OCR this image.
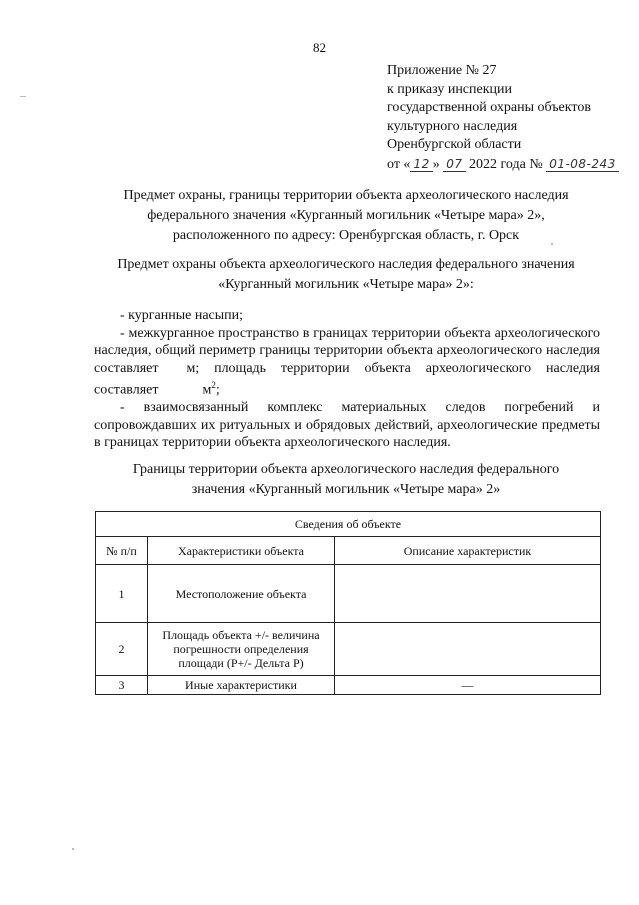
82
Приложение № 27
к приказу инспекции
государственной охраны объектов
культурного наследия
Оренбургской области
от « 12 » 07 2022 года № 01-08-243
Предмет охраны, границы территории объекта археологического наследия
федерального значения «Курганный могильник «Четыре мара» 2»,
расположенного по адресу: Оренбургская область, г. Орск
Предмет охраны объекта археологического наследия федерального значения
«Курганный могильник «Четыре мара» 2»:

- курганные насыпи;

- межкурганное пространство в границах территории объекта археологического наследия, общий периметр границы территории объекта археологического наследия составляет м; площадь территории объекта археологического наследия составляет	$м^2$;

- взаимосвязанный комплекс материальных следов погребений и сопровождавших их ритуальных и обрядовых действий, археологические предметы в границах территории объекта археологического наследия.

Границы территории объекта археологического наследия федерального
значения «Курганный могильник «Четыре мара» 2»
Сведения об объекте		
№ п/п	Характеристики объекта	Описание характеристик
1	Местоположение объекта	
2	Площадь объекта +/- величина погрешности определения площади (P+/- Дельта P)	
3	Иные характеристики	—
